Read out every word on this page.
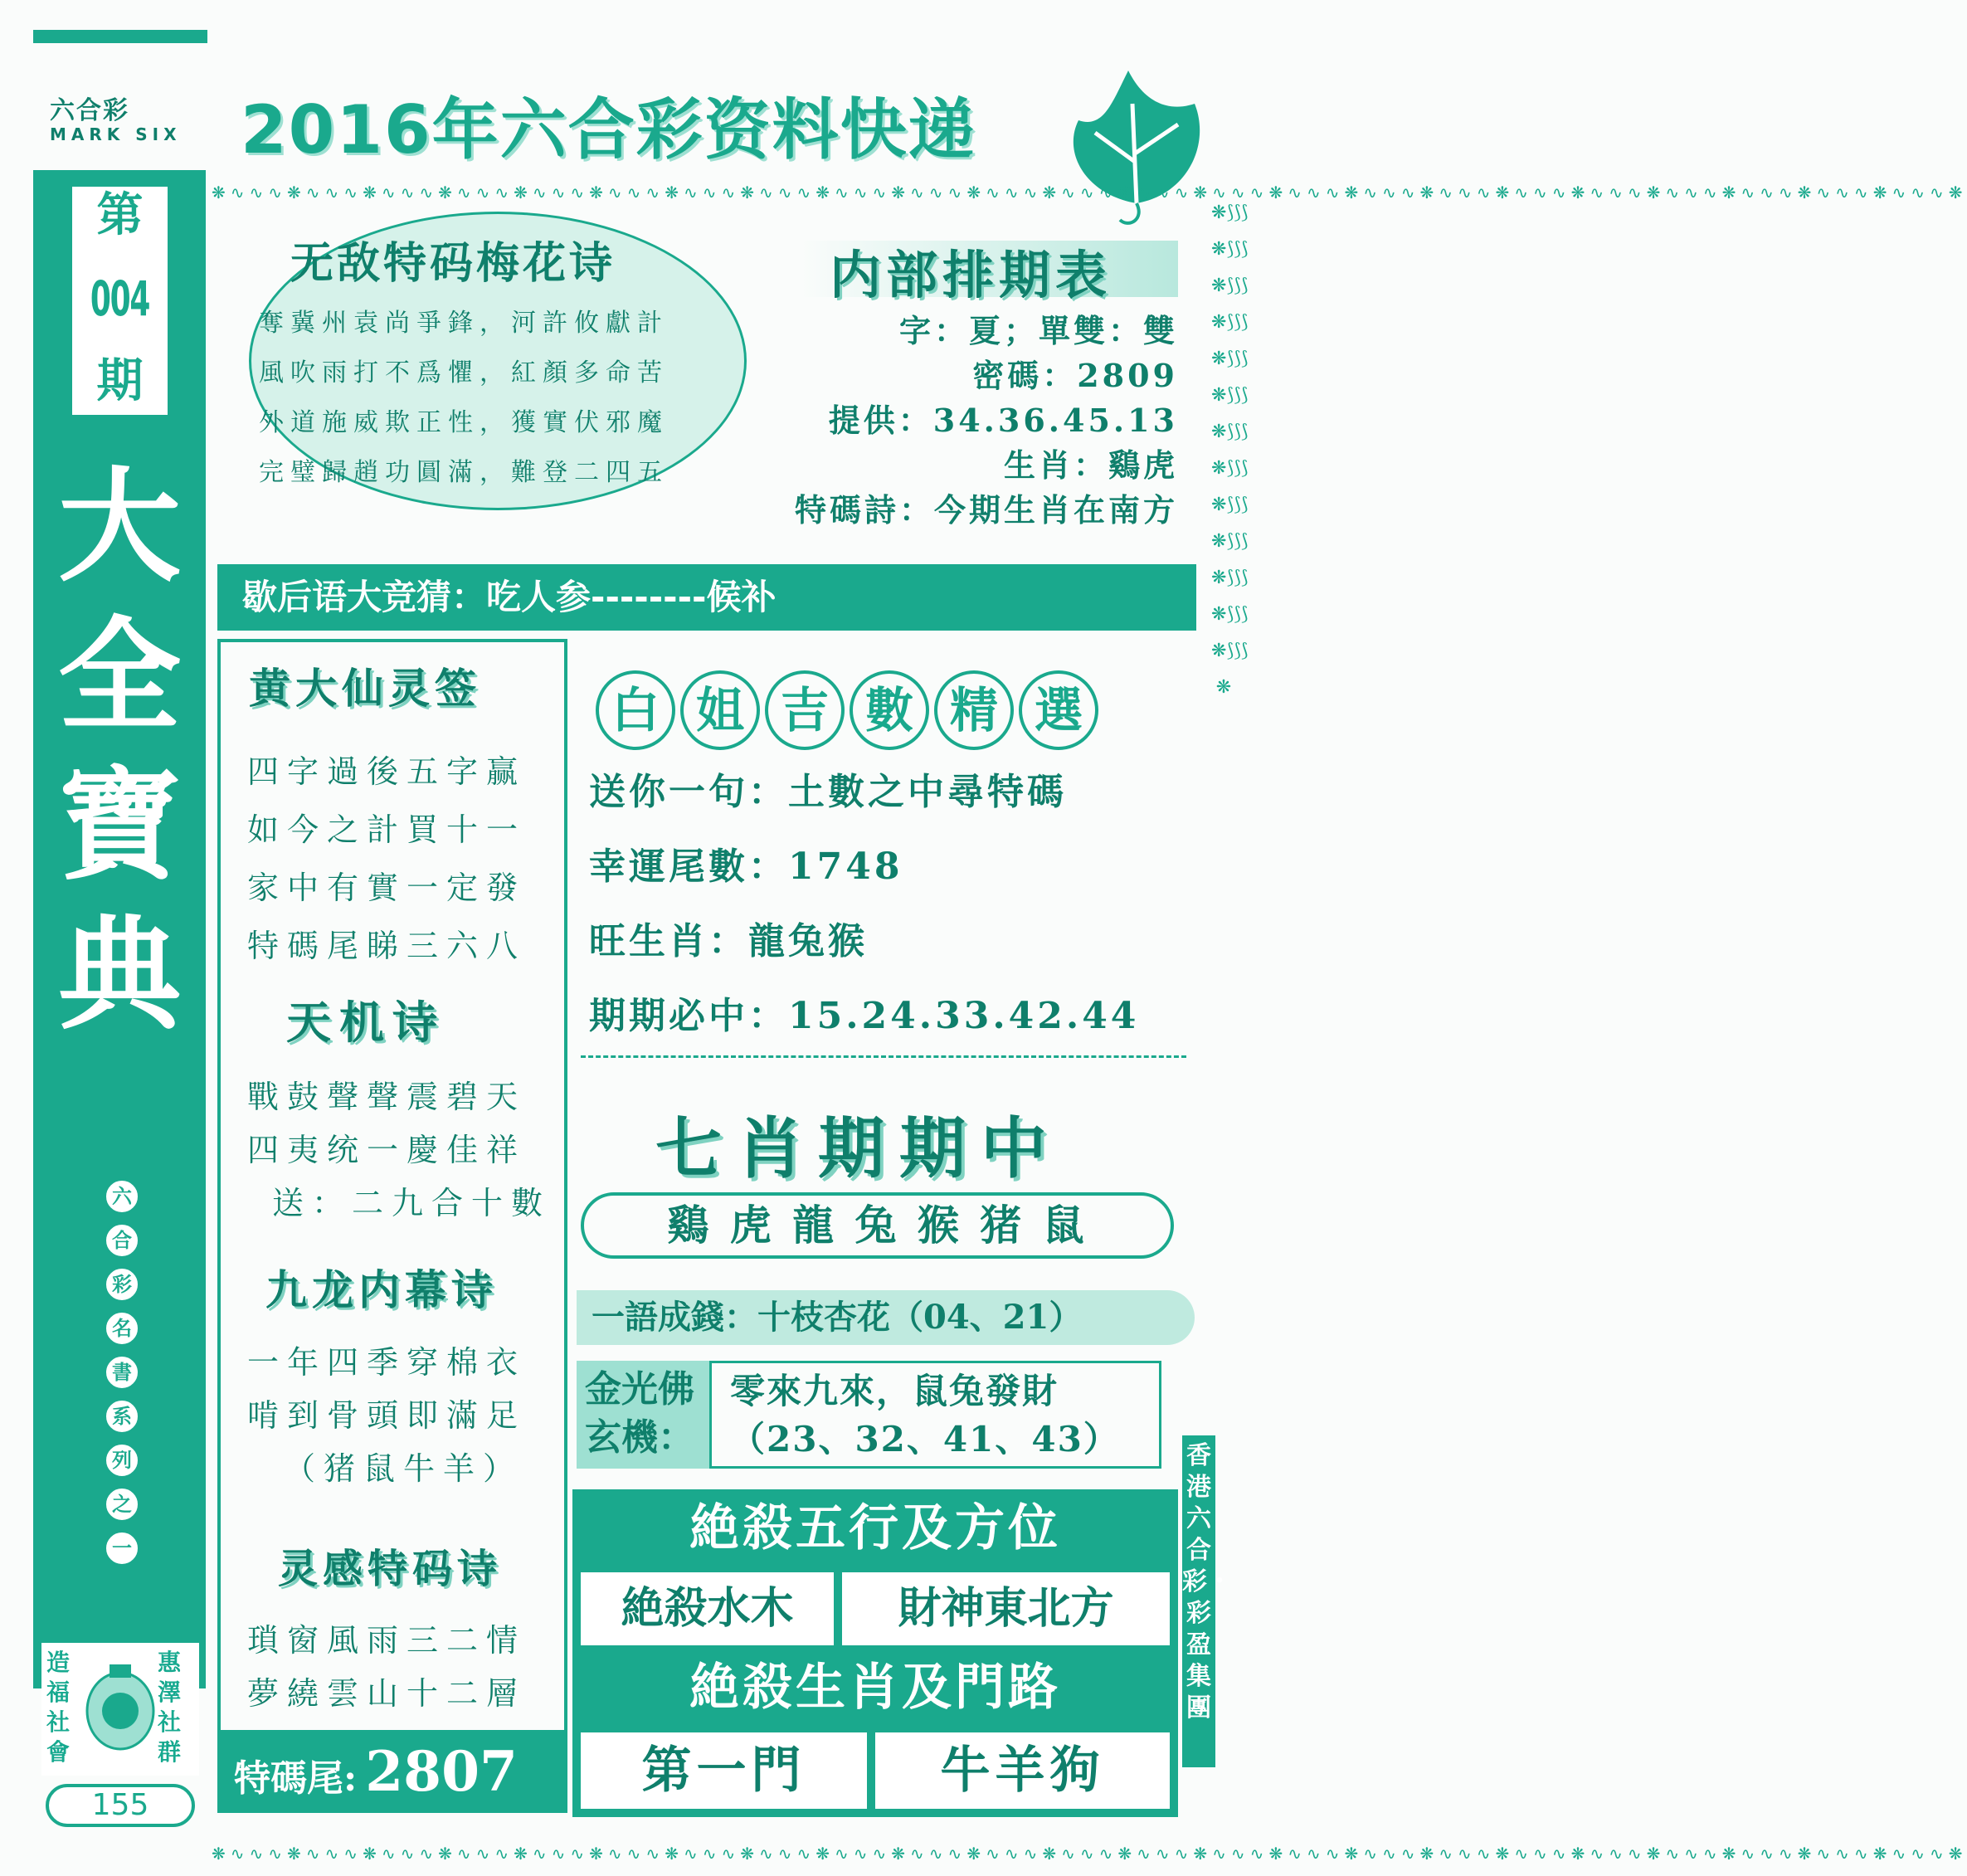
六合彩
MARK SIX 2016年六合彩资料快递
第
004
期
大
全
寶
典
六
合
彩
名
書
系
列
之
一
造福社會
惠澤社群
155
❋∿∿∿❋∿∿∿❋∿∿∿❋∿∿∿❋∿∿∿❋∿∿∿❋∿∿∿❋∿∿∿❋∿∿∿❋∿∿∿❋∿∿∿❋∿∿∿❋∿∿∿❋∿∿∿❋∿∿∿❋∿∿∿❋∿∿∿❋∿∿∿❋∿∿∿❋∿∿∿❋∿∿∿❋∿∿∿❋∿∿∿❋
❋∿∿∿❋∿∿∿❋∿∿∿❋∿∿∿❋∿∿∿❋∿∿∿❋∿∿∿❋∿∿∿❋∿∿∿❋∿∿∿❋∿∿∿❋∿∿∿❋∿∿∿❋∿∿∿❋∿∿∿❋∿∿∿❋∿∿∿❋∿∿∿❋∿∿∿❋∿∿∿❋∿∿∿❋∿∿∿❋∿∿∿❋
❋⟆⟆⟆❋⟆⟆⟆❋⟆⟆⟆❋⟆⟆⟆❋⟆⟆⟆❋⟆⟆⟆❋⟆⟆⟆❋⟆⟆⟆❋⟆⟆⟆❋⟆⟆⟆❋⟆⟆⟆❋⟆⟆⟆❋⟆⟆⟆❋
无敌特码梅花诗
奪冀州袁尚爭鋒，河許攸獻計
風吹雨打不爲懼，紅顏多命苦
外道施威欺正性，獲實伏邪魔
完璧歸趙功圓滿，難登二四五
内部排期表
字：夏；單雙：雙
密碼：2809
提供：34.36.45.13
生肖：鷄虎
特碼詩：今期生肖在南方
歇后语大竞猜：吃人参--------候补
黄大仙灵签
四字過後五字赢
如今之計買十一
家中有實一定發
特碼尾睇三六八
天机诗
戰鼓聲聲震碧天
四夷统一慶佳祥
送：二九合十數
九龙内幕诗
一年四季穿棉衣
啃到骨頭即滿足
（猪鼠牛羊）
灵感特码诗
瑣窗風雨三二情
夢繞雲山十二層
特碼尾: 2807
白 姐 吉 數 精 選
送你一句：土數之中尋特碼
幸運尾數：1748
旺生肖：龍兔猴
期期必中：15.24.33.42.44
七肖期期中
鷄 虎 龍 兔 猴 猪 鼠
一語成錢：十枝杏花（04、21）
金光佛
玄機：
零來九來，鼠兔發財
（23、32、41、43）
絶殺五行及方位
絶殺水木	財神東北方
絶殺生肖及門路
第一門	牛羊狗
香港六合彩・彩盈集團
